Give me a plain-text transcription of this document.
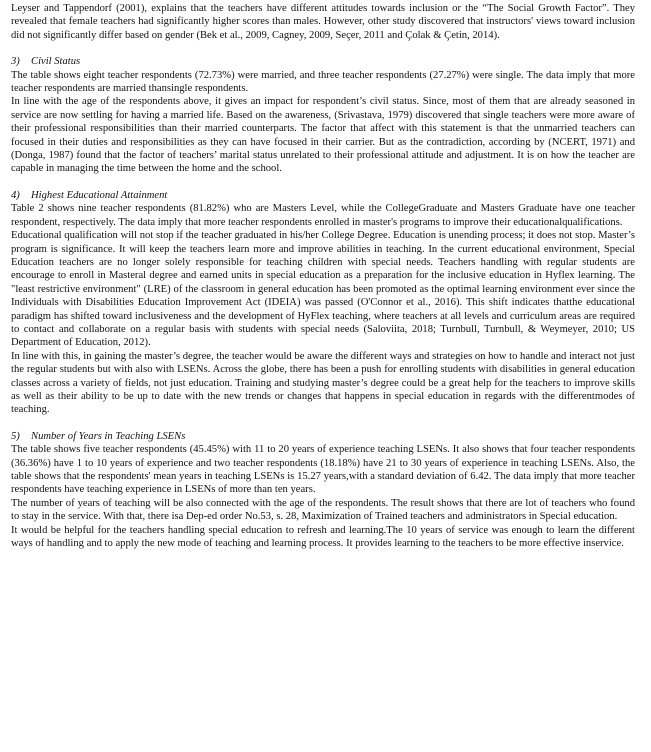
Leyser and Tappendorf (2001), explains that the teachers have different attitudes towards inclusion or the “The Social Growth Factor”. They revealed that female teachers had significantly higher scores than males. However, other study discovered that instructors' views toward inclusion did not significantly differ based on gender (Bek et al., 2009, Cagney, 2009, Seçer, 2011 and Çolak & Çetin, 2014).

3) Civil Status

The table shows eight teacher respondents (72.73%) were married, and three teacher respondents (27.27%) were single. The data imply that more teacher respondents are married thansingle respondents.

In line with the age of the respondents above, it gives an impact for respondent’s civil status. Since, most of them that are already seasoned in service are now settling for having a married life. Based on the awareness, (Srivastava, 1979) discovered that single teachers were more aware of their professional responsibilities than their married counterparts. The factor that affect with this statement is that the unmarried teachers can focused in their duties and responsibilities as they can have focused in their carrier. But as the contradiction, according by (NCERT, 1971) and (Donga, 1987) found that the factor of teachers’ marital status unrelated to their professional attitude and adjustment. It is on how the teacher are capable in managing the time between the home and the school.

4) Highest Educational Attainment

Table 2 shows nine teacher respondents (81.82%) who are Masters Level, while the CollegeGraduate and Masters Graduate have one teacher respondent, respectively. The data imply that more teacher respondents enrolled in master's programs to improve their educationalqualifications.

Educational qualification will not stop if the teacher graduated in his/her College Degree. Education is unending process; it does not stop. Master’s program is significance. It will keep the teachers learn more and improve abilities in teaching. In the current educational environment, Special Education teachers are no longer solely responsible for teaching children with special needs. Teachers handling with regular students are encourage to enroll in Masteral degree and earned units in special education as a preparation for the inclusive education in Hyflex learning. The "least restrictive environment" (LRE) of the classroom in general education has been promoted as the optimal learning environment ever since the Individuals with Disabilities Education Improvement Act (IDEIA) was passed (O'Connor et al., 2016). This shift indicates thatthe educational paradigm has shifted toward inclusiveness and the development of HyFlex teaching, where teachers at all levels and curriculum areas are required to contact and collaborate on a regular basis with students with special needs (Saloviita, 2018; Turnbull, Turnbull, & Weymeyer, 2010; US Department of Education, 2012).

In line with this, in gaining the master’s degree, the teacher would be aware the different ways and strategies on how to handle and interact not just the regular students but with also with LSENs. Across the globe, there has been a push for enrolling students with disabilities in general education classes across a variety of fields, not just education. Training and studying master’s degree could be a great help for the teachers to improve skills as well as their ability to be up to date with the new trends or changes that happens in special education in regards with the differentmodes of teaching.

5) Number of Years in Teaching LSENs

The table shows five teacher respondents (45.45%) with 11 to 20 years of experience teaching LSENs. It also shows that four teacher respondents (36.36%) have 1 to 10 years of experience and two teacher respondents (18.18%) have 21 to 30 years of experience in teaching LSENs. Also, the table shows that the respondents' mean years in teaching LSENs is 15.27 years,with a standard deviation of 6.42. The data imply that more teacher respondents have teaching experience in LSENs of more than ten years.

The number of years of teaching will be also connected with the age of the respondents. The result shows that there are lot of teachers who found to stay in the service. With that, there isa Dep-ed order No.53, s. 28, Maximization of Trained teachers and administrators in Special education.

It would be helpful for the teachers handling special education to refresh and learning.The 10 years of service was enough to learn the different ways of handling and to apply the new mode of teaching and learning process. It provides learning to the teachers to be more effective inservice.
